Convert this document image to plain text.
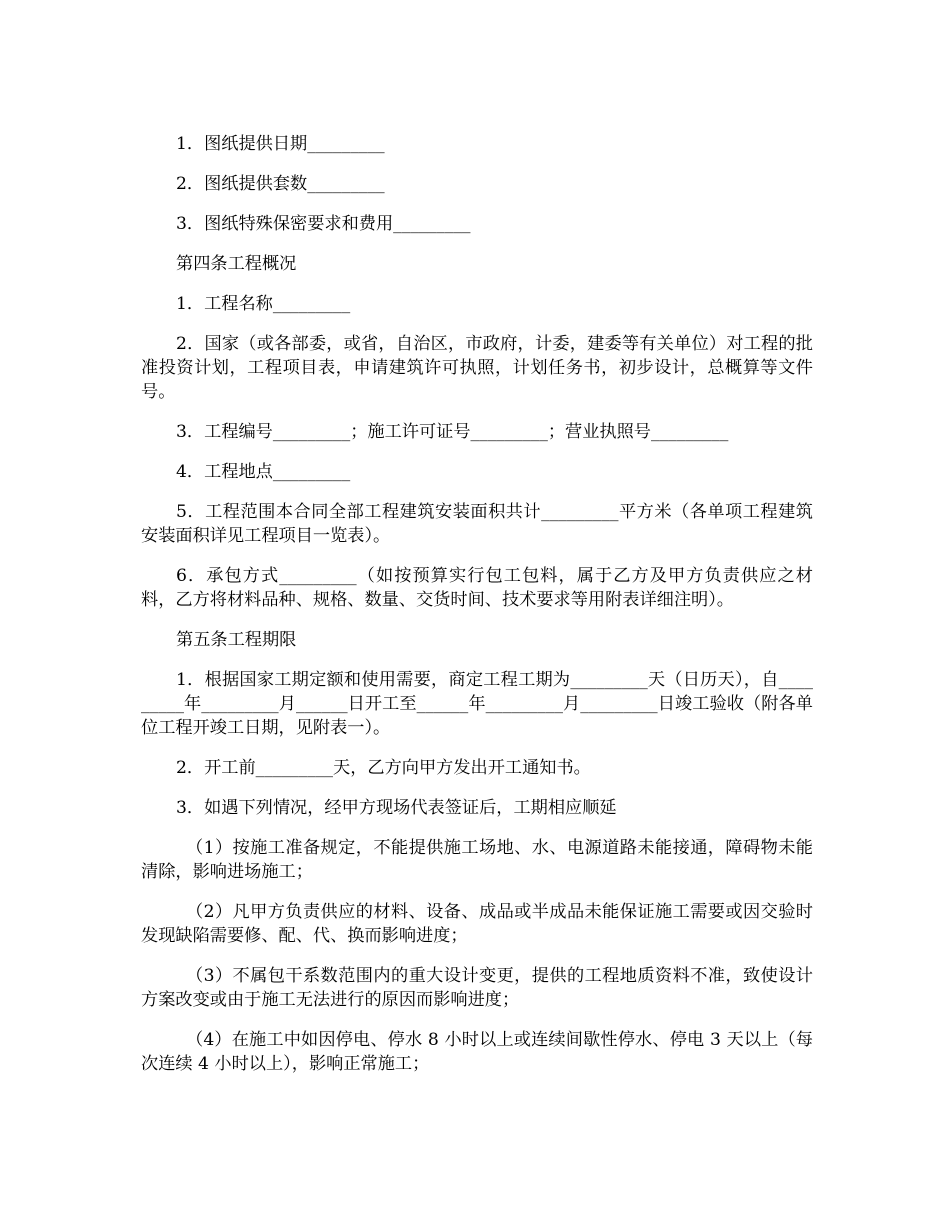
1．图纸提供日期_________

2．图纸提供套数_________

3．图纸特殊保密要求和费用_________

第四条工程概况

1．工程名称_________

2．国家（或各部委，或省，自治区，市政府，计委，建委等有关单位）对工程的批准投资计划，工程项目表，申请建筑许可执照，计划任务书，初步设计，总概算等文件号。

3．工程编号_________；施工许可证号_________；营业执照号_________

4．工程地点_________

5．工程范围本合同全部工程建筑安装面积共计_________平方米（各单项工程建筑安装面积详见工程项目一览表）。

6．承包方式_________（如按预算实行包工包料，属于乙方及甲方负责供应之材料，乙方将材料品种、规格、数量、交货时间、技术要求等用附表详细注明）。

第五条工程期限

1．根据国家工期定额和使用需要，商定工程工期为_________天（日历天），自_________年_________月______日开工至______年_________月_________日竣工验收（附各单位工程开竣工日期，见附表一）。

2．开工前_________天，乙方向甲方发出开工通知书。

3．如遇下列情况，经甲方现场代表签证后，工期相应顺延

（1）按施工准备规定，不能提供施工场地、水、电源道路未能接通，障碍物未能清除，影响进场施工；

（2）凡甲方负责供应的材料、设备、成品或半成品未能保证施工需要或因交验时发现缺陷需要修、配、代、换而影响进度；

（3）不属包干系数范围内的重大设计变更，提供的工程地质资料不准，致使设计方案改变或由于施工无法进行的原因而影响进度；

（4）在施工中如因停电、停水 8 小时以上或连续间歇性停水、停电 3 天以上（每次连续 4 小时以上），影响正常施工；
